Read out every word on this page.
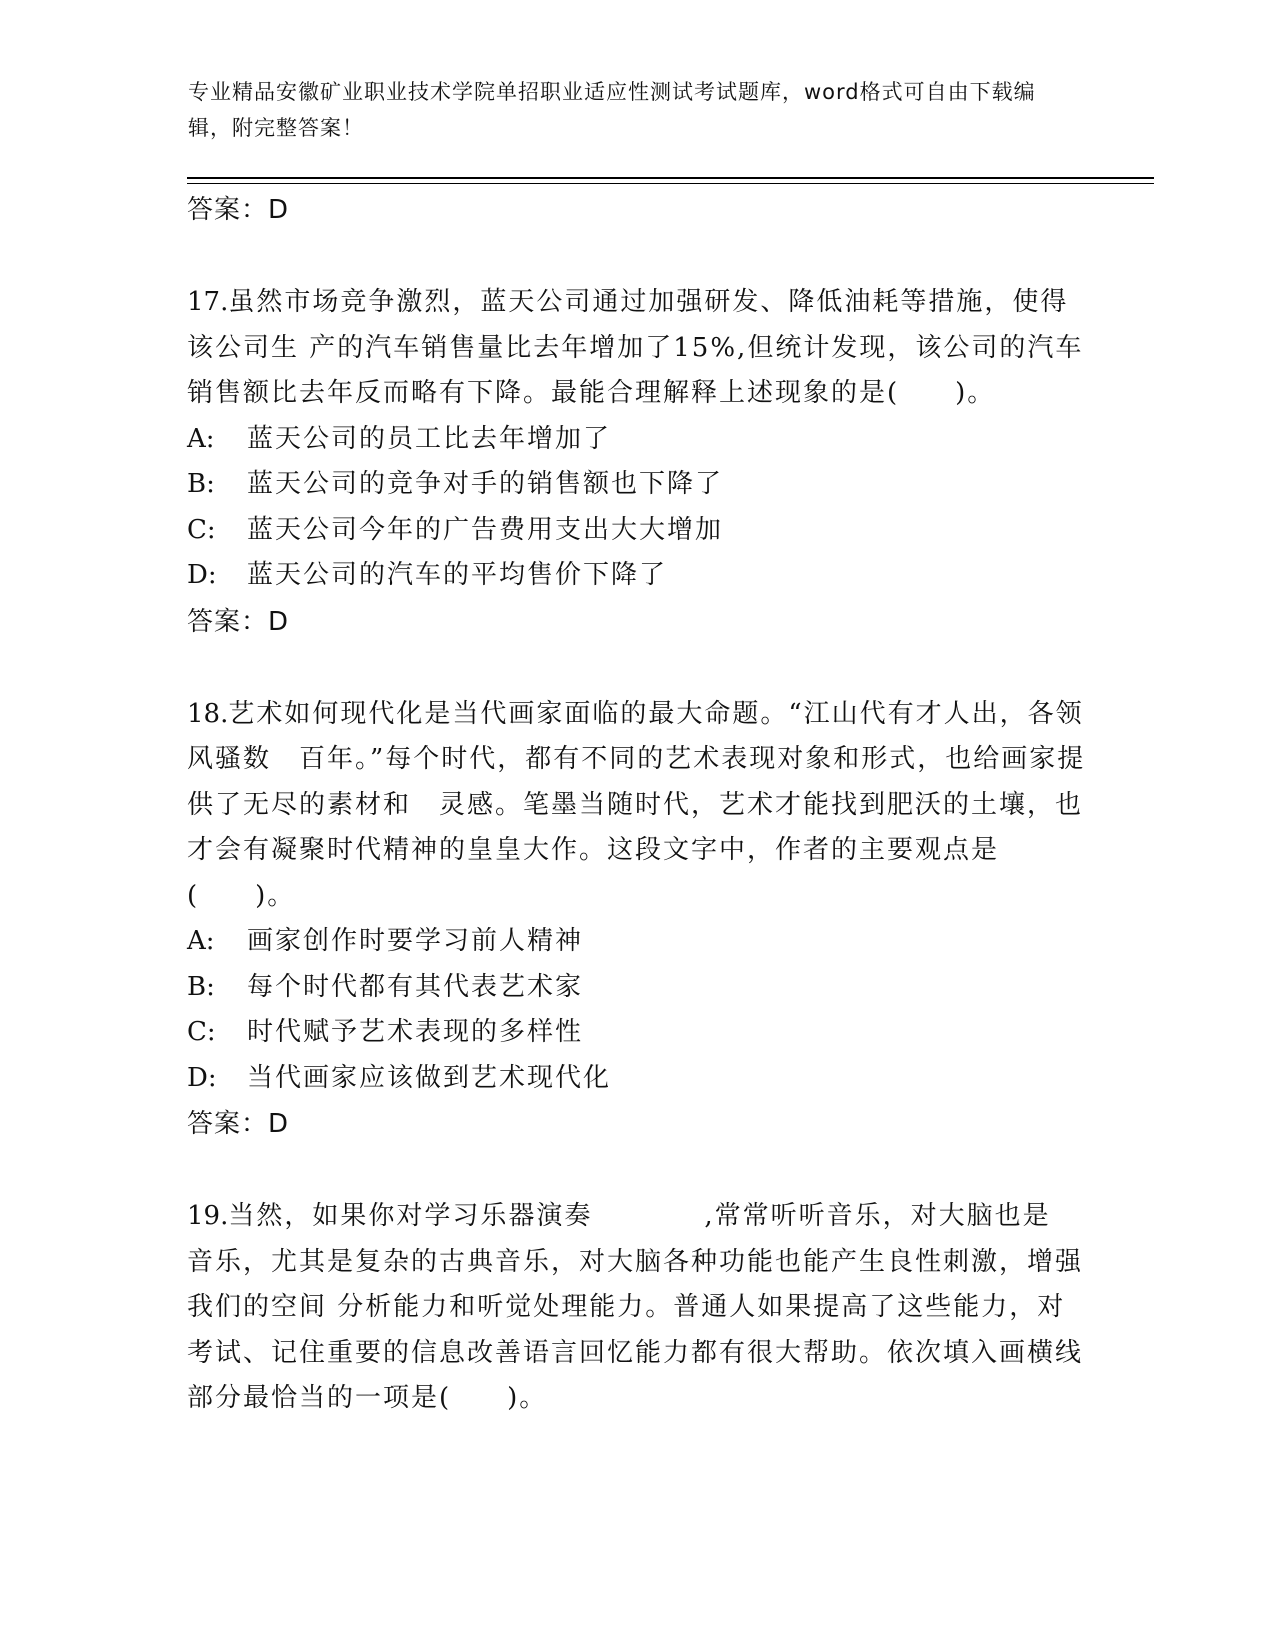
专业精品安徽矿业职业技术学院单招职业适应性测试考试题库，word格式可自由下载编辑，附完整答案！
答案：D
17.虽然市场竞争激烈，蓝天公司通过加强研发、降低油耗等措施，使得该公司生 产的汽车销售量比去年增加了15%,但统计发现，该公司的汽车销售额比去年反而略有下降。最能合理解释上述现象的是(　　)。
A: 蓝天公司的员工比去年增加了
B: 蓝天公司的竞争对手的销售额也下降了
C: 蓝天公司今年的广告费用支出大大增加
D: 蓝天公司的汽车的平均售价下降了
答案：D
18.艺术如何现代化是当代画家面临的最大命题。“江山代有才人出，各领风骚数　百年。”每个时代，都有不同的艺术表现对象和形式，也给画家提供了无尽的素材和　灵感。笔墨当随时代，艺术才能找到肥沃的土壤，也才会有凝聚时代精神的皇皇大作。这段文字中，作者的主要观点是(　　)。
A: 画家创作时要学习前人精神
B: 每个时代都有其代表艺术家
C: 时代赋予艺术表现的多样性
D: 当代画家应该做到艺术现代化
答案：D
19.当然，如果你对学习乐器演奏　　　　,常常听听音乐，对大脑也是　　　　音乐，尤其是复杂的古典音乐，对大脑各种功能也能产生良性刺激，增强我们的空间 分析能力和听觉处理能力。普通人如果提高了这些能力，对考试、记住重要的信息改善语言回忆能力都有很大帮助。依次填入画横线部分最恰当的一项是(　　)。
